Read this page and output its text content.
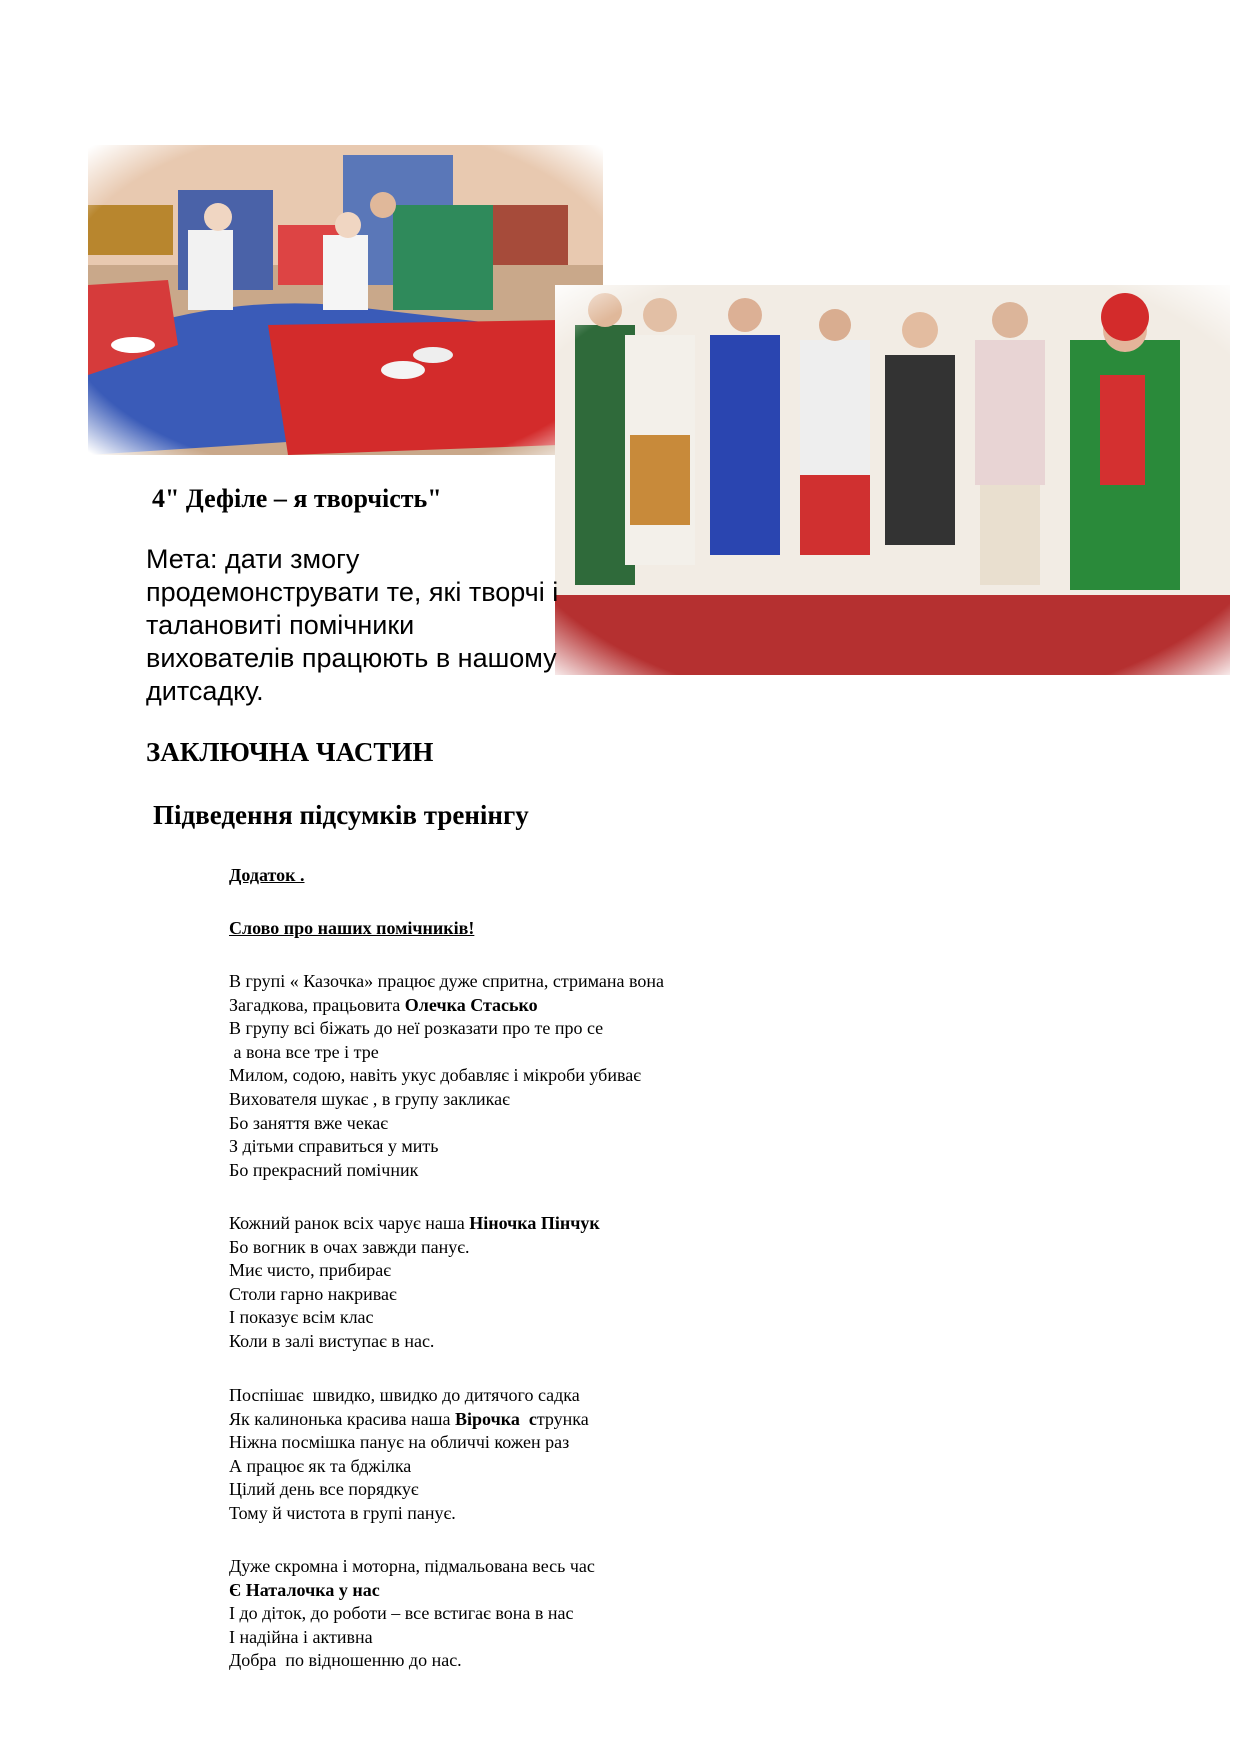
4" Дефіле – я творчість"
Мета: дати змогу продемонструвати те, які творчі і талановиті помічники вихователів працюють в нашому дитсадку.
ЗАКЛЮЧНА ЧАСТИН
Підведення підсумків тренінгу
Додаток .
Слово про наших помічників!
В групі « Казочка» працює дуже спритна, стримана вона
Загадкова, працьовита Олечка Стасько
В групу всі біжать до неї розказати про те про се
а вона все тре і тре
Милом, содою, навіть укус добавляє і мікроби убиває
Вихователя шукає , в групу закликає
Бо заняття вже чекає
З дітьми справиться у мить
Бо прекрасний помічник
Кожний ранок всіх чарує наша Ніночка Пінчук
Бо вогник в очах завжди панує.
Миє чисто, прибирає
Столи гарно накриває
І показує всім клас
Коли в залі виступає в нас.
Поспішає  швидко, швидко до дитячого садка
Як калинонька красива наша Вірочка  струнка
Ніжна посмішка панує на обличчі кожен раз
А працює як та бджілка
Цілий день все порядкує
Тому й чистота в групі панує.
Дуже скромна і моторна, підмальована весь час
Є Наталочка у нас
І до діток, до роботи – все встигає вона в нас
І надійна і активна
Добра  по відношенню до нас.
